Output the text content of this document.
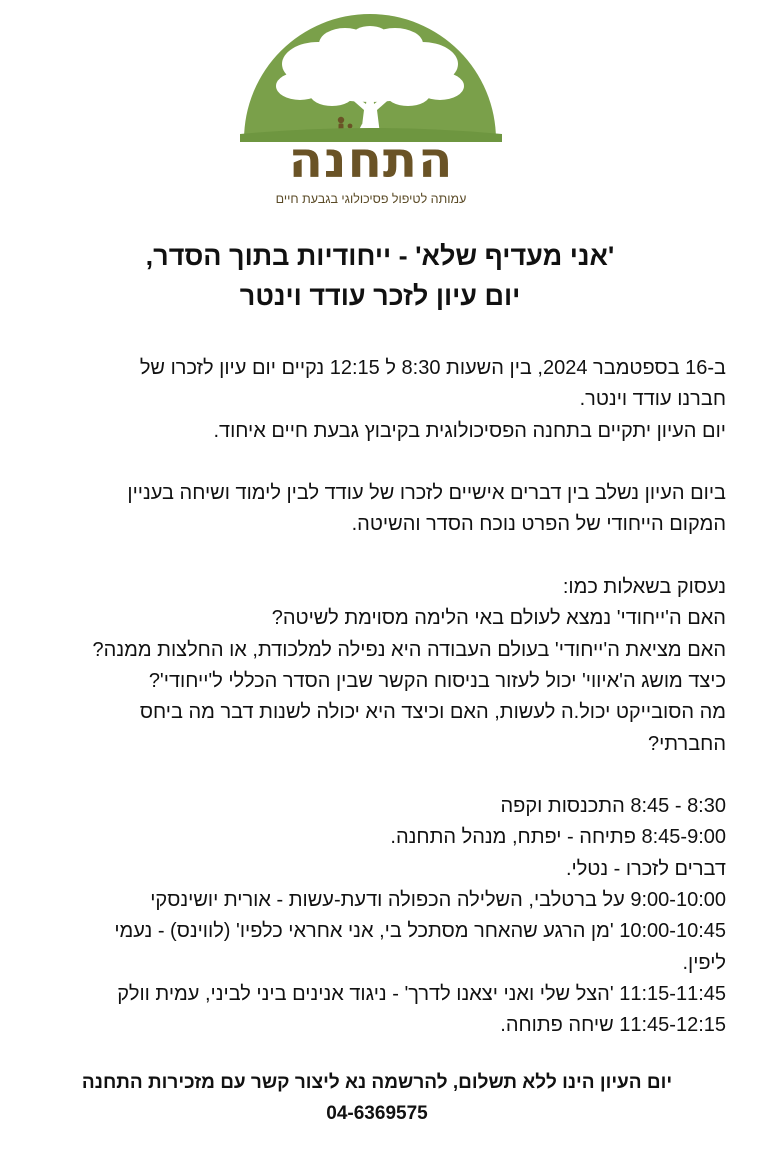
התחנה
עמותה לטיפול פסיכולוגי בגבעת חיים
'אני מעדיף שלא' - ייחודיות בתוך הסדר,
יום עיון לזכר עודד וינטר
ב-16 בספטמבר 2024, בין השעות 8:30 ל 12:15 נקיים יום עיון לזכרו של
חברנו עודד וינטר.
יום העיון יתקיים בתחנה הפסיכולוגית בקיבוץ גבעת חיים איחוד.
ביום העיון נשלב בין דברים אישיים לזכרו של עודד לבין לימוד ושיחה בעניין
המקום הייחודי של הפרט נוכח הסדר והשיטה.
נעסוק בשאלות כמו:
האם ה'ייחודי' נמצא לעולם באי הלימה מסוימת לשיטה?
האם מציאת ה'ייחודי' בעולם העבודה היא נפילה למלכודת, או החלצות ממנה?
כיצד מושג ה'איווי' יכול לעזור בניסוח הקשר שבין הסדר הכללי ל'ייחודי'?
מה הסובייקט יכול.ה לעשות, האם וכיצד היא יכולה לשנות דבר מה ביחס
החברתי?
8:30 - 8:45 התכנסות וקפה
8:45-9:00 פתיחה - יפתח, מנהל התחנה.
דברים לזכרו - נטלי.
9:00-10:00 על ברטלבי, השלילה הכפולה ודעת-עשות - אורית יושינסקי
10:00-10:45 'מן הרגע שהאחר מסתכל בי, אני אחראי כלפיו' (לווינס) - נעמי
ליפין.
11:15-11:45 'הצל שלי ואני יצאנו לדרך' - ניגוד אנינים ביני לביני, עמית וולק
11:45-12:15 שיחה פתוחה.
יום העיון הינו ללא תשלום, להרשמה נא ליצור קשר עם מזכירות התחנה
04-6369575
